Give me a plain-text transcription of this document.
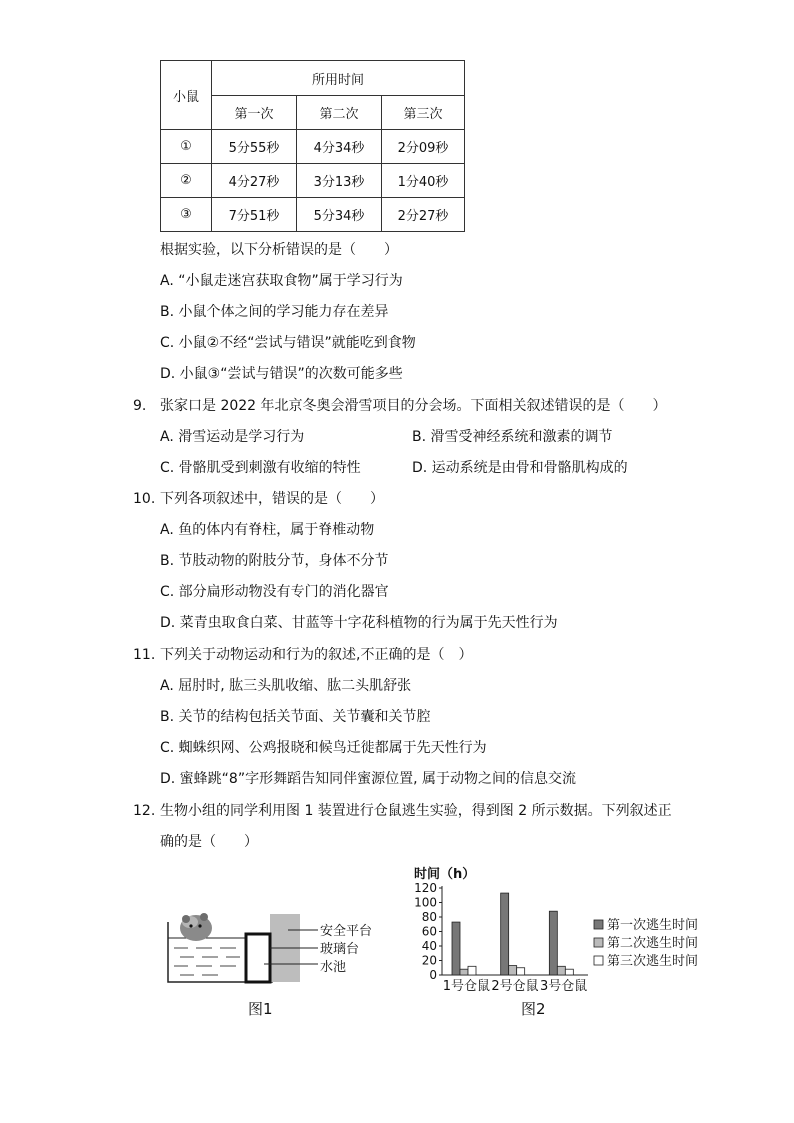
小鼠	所用时间		
	第一次	第二次	第三次
①	5分55秒	4分34秒	2分09秒
②	4分27秒	3分13秒	1分40秒
③	7分51秒	5分34秒	2分27秒
根据实验，以下分析错误的是（　　）
A. “小鼠走迷宫获取食物”属于学习行为
B. 小鼠个体之间的学习能力存在差异
C. 小鼠②不经“尝试与错误”就能吃到食物
D. 小鼠③“尝试与错误”的次数可能多些
9. 张家口是 2022 年北京冬奥会滑雪项目的分会场。下面相关叙述错误的是（　　）
A. 滑雪运动是学习行为	B. 滑雪受神经系统和激素的调节
C. 骨骼肌受到刺激有收缩的特性	D. 运动系统是由骨和骨骼肌构成的
10. 下列各项叙述中，错误的是（　　）
A. 鱼的体内有脊柱，属于脊椎动物
B. 节肢动物的附肢分节，身体不分节
C. 部分扁形动物没有专门的消化器官
D. 菜青虫取食白菜、甘蓝等十字花科植物的行为属于先天性行为
11. 下列关于动物运动和行为的叙述,不正确的是（　）
A. 屈肘时, 肱三头肌收缩、肱二头肌舒张
B. 关节的结构包括关节面、关节囊和关节腔
C. 蜘蛛织网、公鸡报晓和候鸟迁徙都属于先天性行为
D. 蜜蜂跳“8”字形舞蹈告知同伴蜜源位置, 属于动物之间的信息交流
12. 生物小组的同学利用图 1 装置进行仓鼠逃生实验，得到图 2 所示数据。下列叙述正
确的是（　　）
安全平台
玻璃台
水池
图1
时间（h）
0
20
40
60
80
100
120
1号仓鼠 2号仓鼠 3号仓鼠
第一次逃生时间
第二次逃生时间
第三次逃生时间
图2
